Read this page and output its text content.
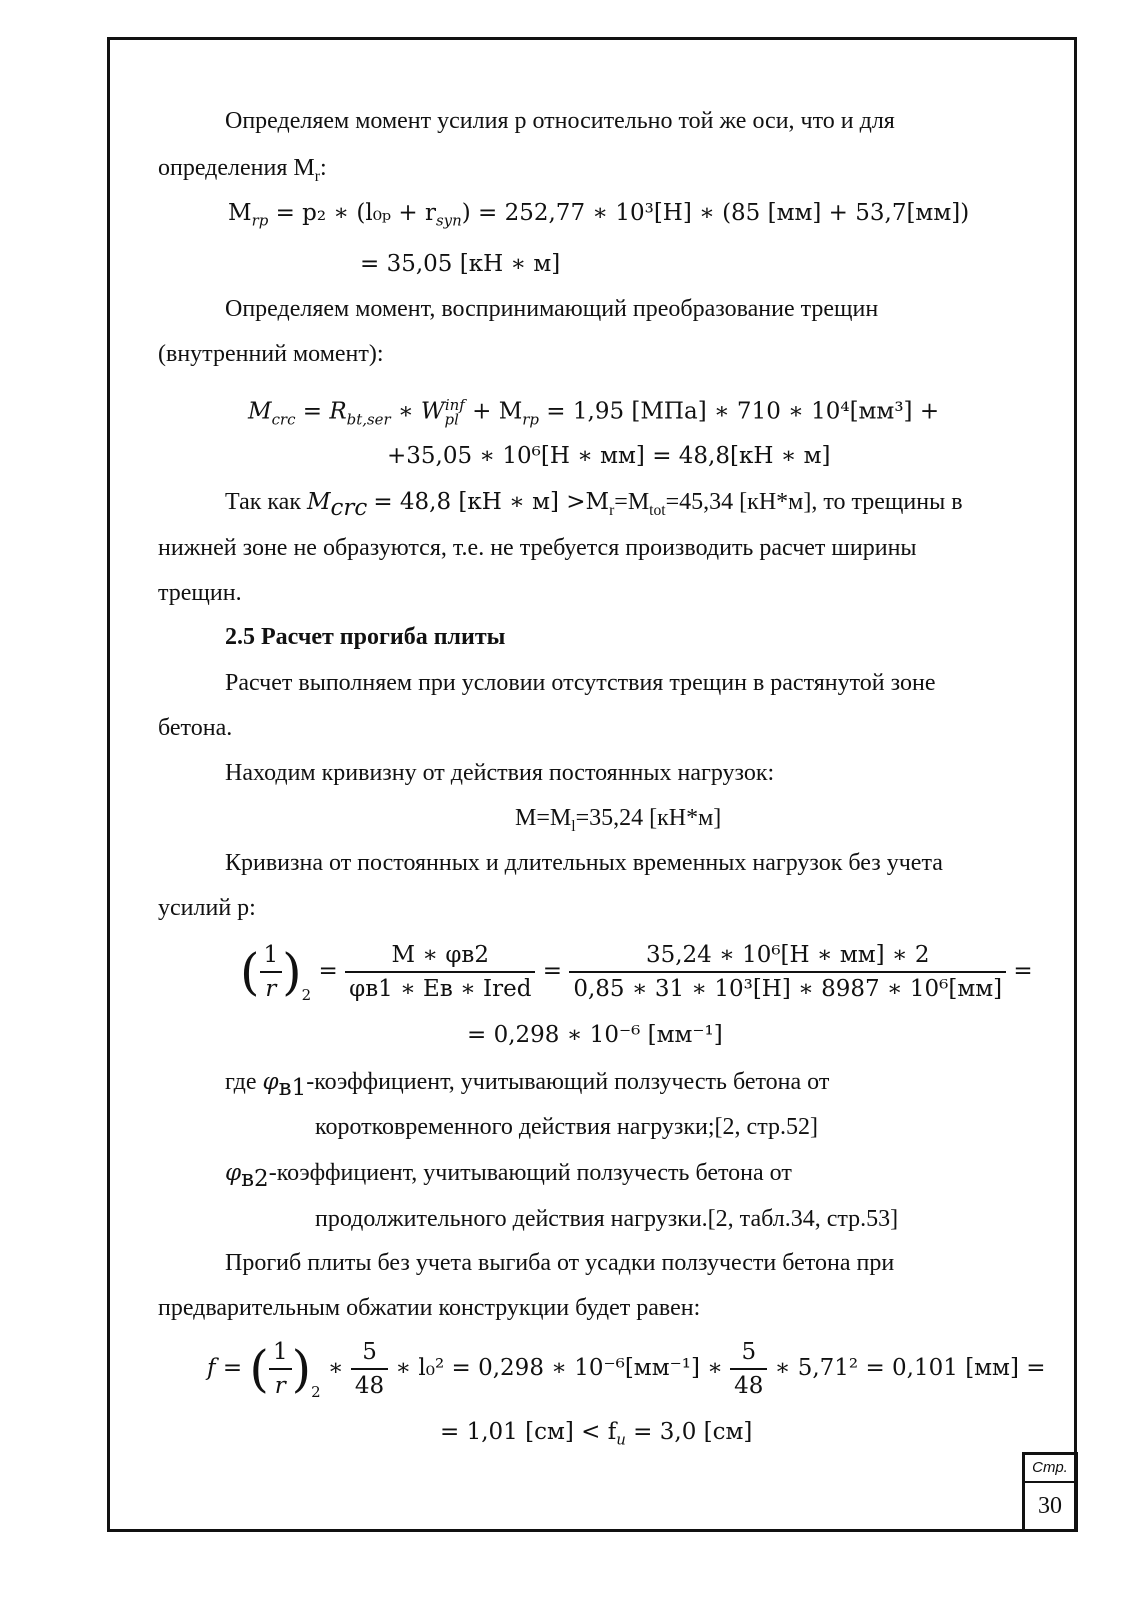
Определяем момент усилия р относительно той же оси, что и для
определения $M_r$:
$M_{rp} = p_2$ ∗ $(l_{0p} + r_{syn}) = 252,77$ ∗ 10³[H] ∗ (85 [мм] + 53,7[мм])
= 35,05 [кН ∗ м]
Определяем момент, воспринимающий преобразование трещин
(внутренний момент):
$M_{crc} = R_{bt,ser}$ ∗ $W_{pl}^{inf} + M_{rp} = 1,95$ [МПа] ∗ 710 ∗ 10⁴[мм³] +
+35,05 ∗ 10⁶[Н ∗ мм] = 48,8[кН ∗ м]
Так как $M_{crc} = 48,8$ [кН ∗ $м] >M_r=M_{tot}=45,34$ [кН*м], то трещины в
нижней зоне не образуются, т.е. не требуется производить расчет ширины
трещин.
2.5 Расчет прогиба плиты
Расчет выполняем при условии отсутствия трещин в растянутой зоне
бетона.
Находим кривизну от действия постоянных нагрузок:
$M=M_l=35,24$ [кН*м]
Кривизна от постоянных и длительных временных нагрузок без учета
усилий р:
( $\frac{1}{r} )_2 = \frac{M ∗ \varphi в2}{\text{φв1 ∗ Eв ∗ Ired}} = \frac{\text{35,24 ∗ 10⁶[H ∗ мм] ∗ 2}}{\text{0,85 ∗ 31 ∗ 10³[H] ∗ 8987 ∗ 10⁶[мм]}}$ =
= 0,298 ∗ 10⁻⁶ [мм⁻¹]
где $\varphi_{в1}$-коэффициент, учитывающий ползучесть бетона от
коротковременного действия нагрузки;[2, стр.52]
$\varphi_{в2}$-коэффициент, учитывающий ползучесть бетона от
продолжительного действия нагрузки.[2, табл.34, стр.53]
Прогиб плиты без учета выгиба от усадки ползучести бетона при
предварительным обжатии конструкции будет равен:
f = ( $\frac{1}{r} )_2$ ∗ $\frac{5}{48}$ ∗ l₀² = 0,298 ∗ 10⁻⁶[мм⁻¹] ∗ $\frac{5}{48}$ ∗ 5,71² = 0,101 [мм] =
= 1,01 $[см] < f_u = 3,0$ [см]
Стр.
30
